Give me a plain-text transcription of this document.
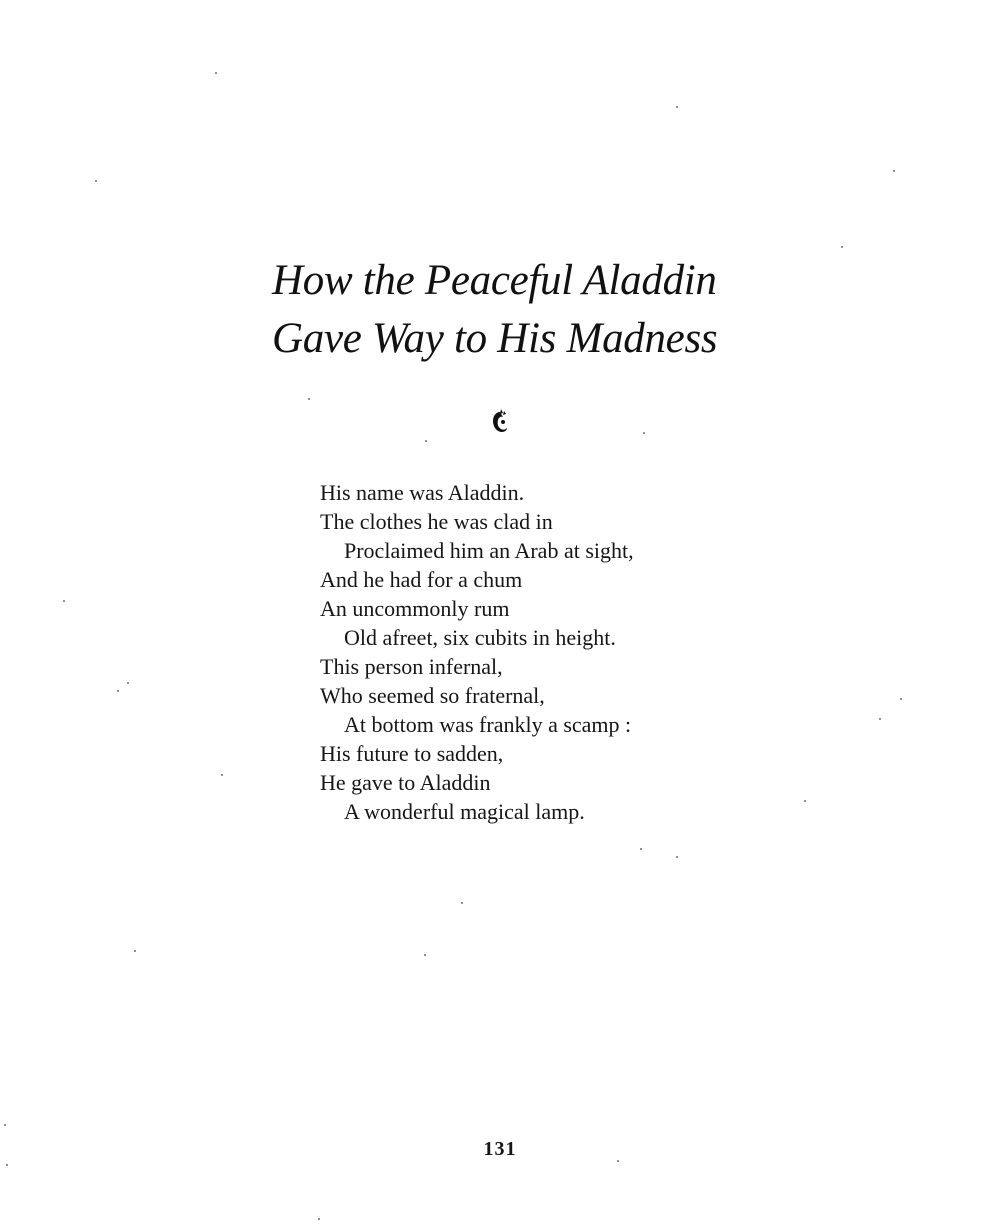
How the Peaceful Aladdin
Gave Way to His Madness
His name was Aladdin.
The clothes he was clad in
Proclaimed him an Arab at sight,
And he had for a chum
An uncommonly rum
Old afreet, six cubits in height.
This person infernal,
Who seemed so fraternal,
At bottom was frankly a scamp :
His future to sadden,
He gave to Aladdin
A wonderful magical lamp.
131
